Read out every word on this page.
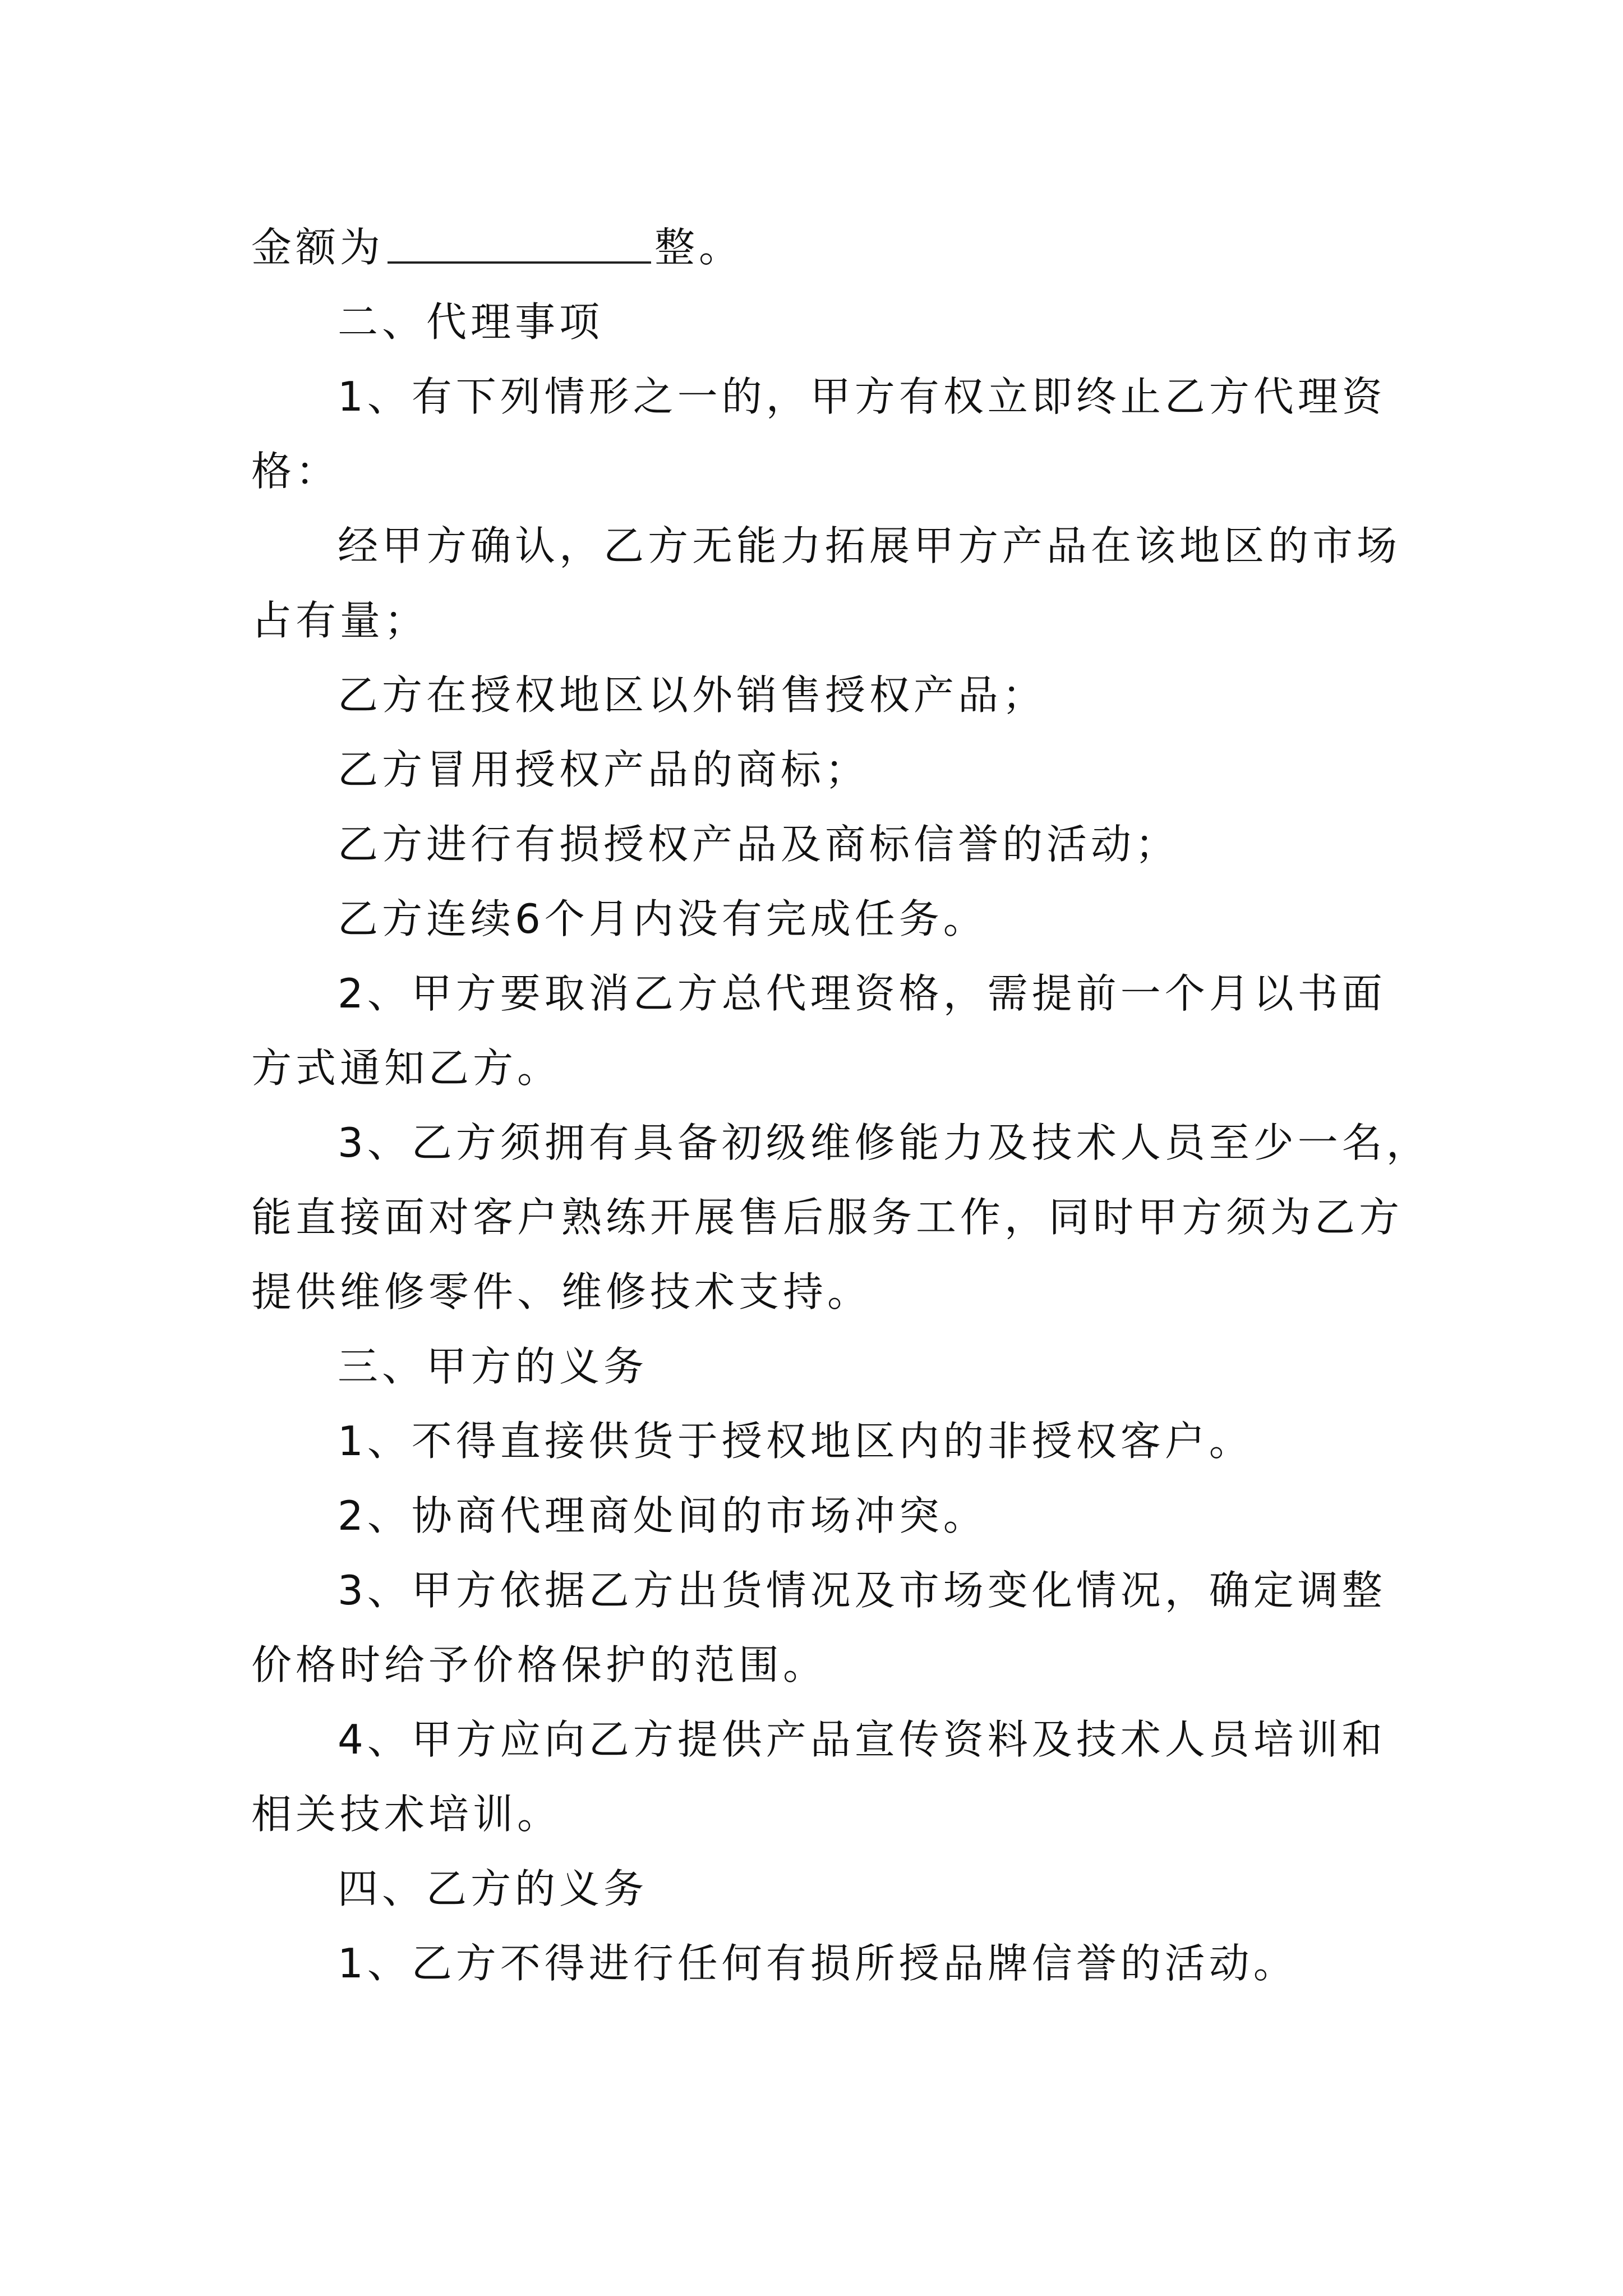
金额为	整。
二、代理事项
1、有下列情形之一的，甲方有权立即终止乙方代理资
格：
经甲方确认，乙方无能力拓展甲方产品在该地区的市场
占有量；
乙方在授权地区以外销售授权产品；
乙方冒用授权产品的商标；
乙方进行有损授权产品及商标信誉的活动；
乙方连续6个月内没有完成任务。
2、甲方要取消乙方总代理资格，需提前一个月以书面
方式通知乙方。
3、乙方须拥有具备初级维修能力及技术人员至少一名，
能直接面对客户熟练开展售后服务工作，同时甲方须为乙方
提供维修零件、维修技术支持。
三、甲方的义务
1、不得直接供货于授权地区内的非授权客户。
2、协商代理商处间的市场冲突。
3、甲方依据乙方出货情况及市场变化情况，确定调整
价格时给予价格保护的范围。
4、甲方应向乙方提供产品宣传资料及技术人员培训和
相关技术培训。
四、乙方的义务
1、乙方不得进行任何有损所授品牌信誉的活动。
